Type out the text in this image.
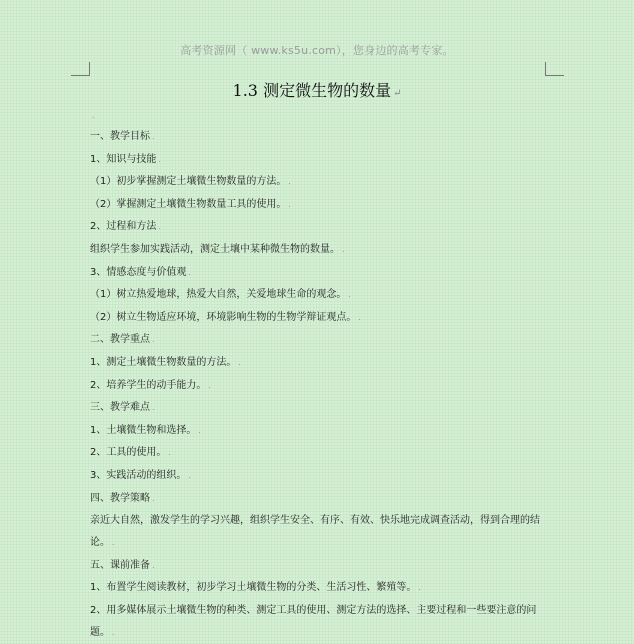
高考资源网（ www.ks5u.com），您身边的高考专家。
1.3 测定微生物的数量 ↵
.
一、教学目标 .
1、知识与技能 .
（1）初步掌握测定土壤微生物数量的方法。 .
（2）掌握测定土壤微生物数量工具的使用。 .
2、过程和方法 .
组织学生参加实践活动，测定土壤中某种微生物的数量。 .
3、情感态度与价值观 .
（1）树立热爱地球，热爱大自然，关爱地球生命的观念。 .
（2）树立生物适应环境，环境影响生物的生物学辩证观点。 .
二、教学重点 .
1、测定土壤微生物数量的方法。 .
2、培养学生的动手能力。 .
三、教学难点 .
1、土壤微生物和选择。 .
2、工具的使用。 .
3、实践活动的组织。 .
四、教学策略 .
亲近大自然，激发学生的学习兴趣，组织学生安全、有序、有效、快乐地完成调查活动，得到合理的结论。 .
五、课前准备 .
1、布置学生阅读教材，初步学习土壤微生物的分类、生活习性、繁殖等。 .
2、用多媒体展示土壤微生物的种类、测定工具的使用、测定方法的选择、主要过程和一些要注意的问题。 .
